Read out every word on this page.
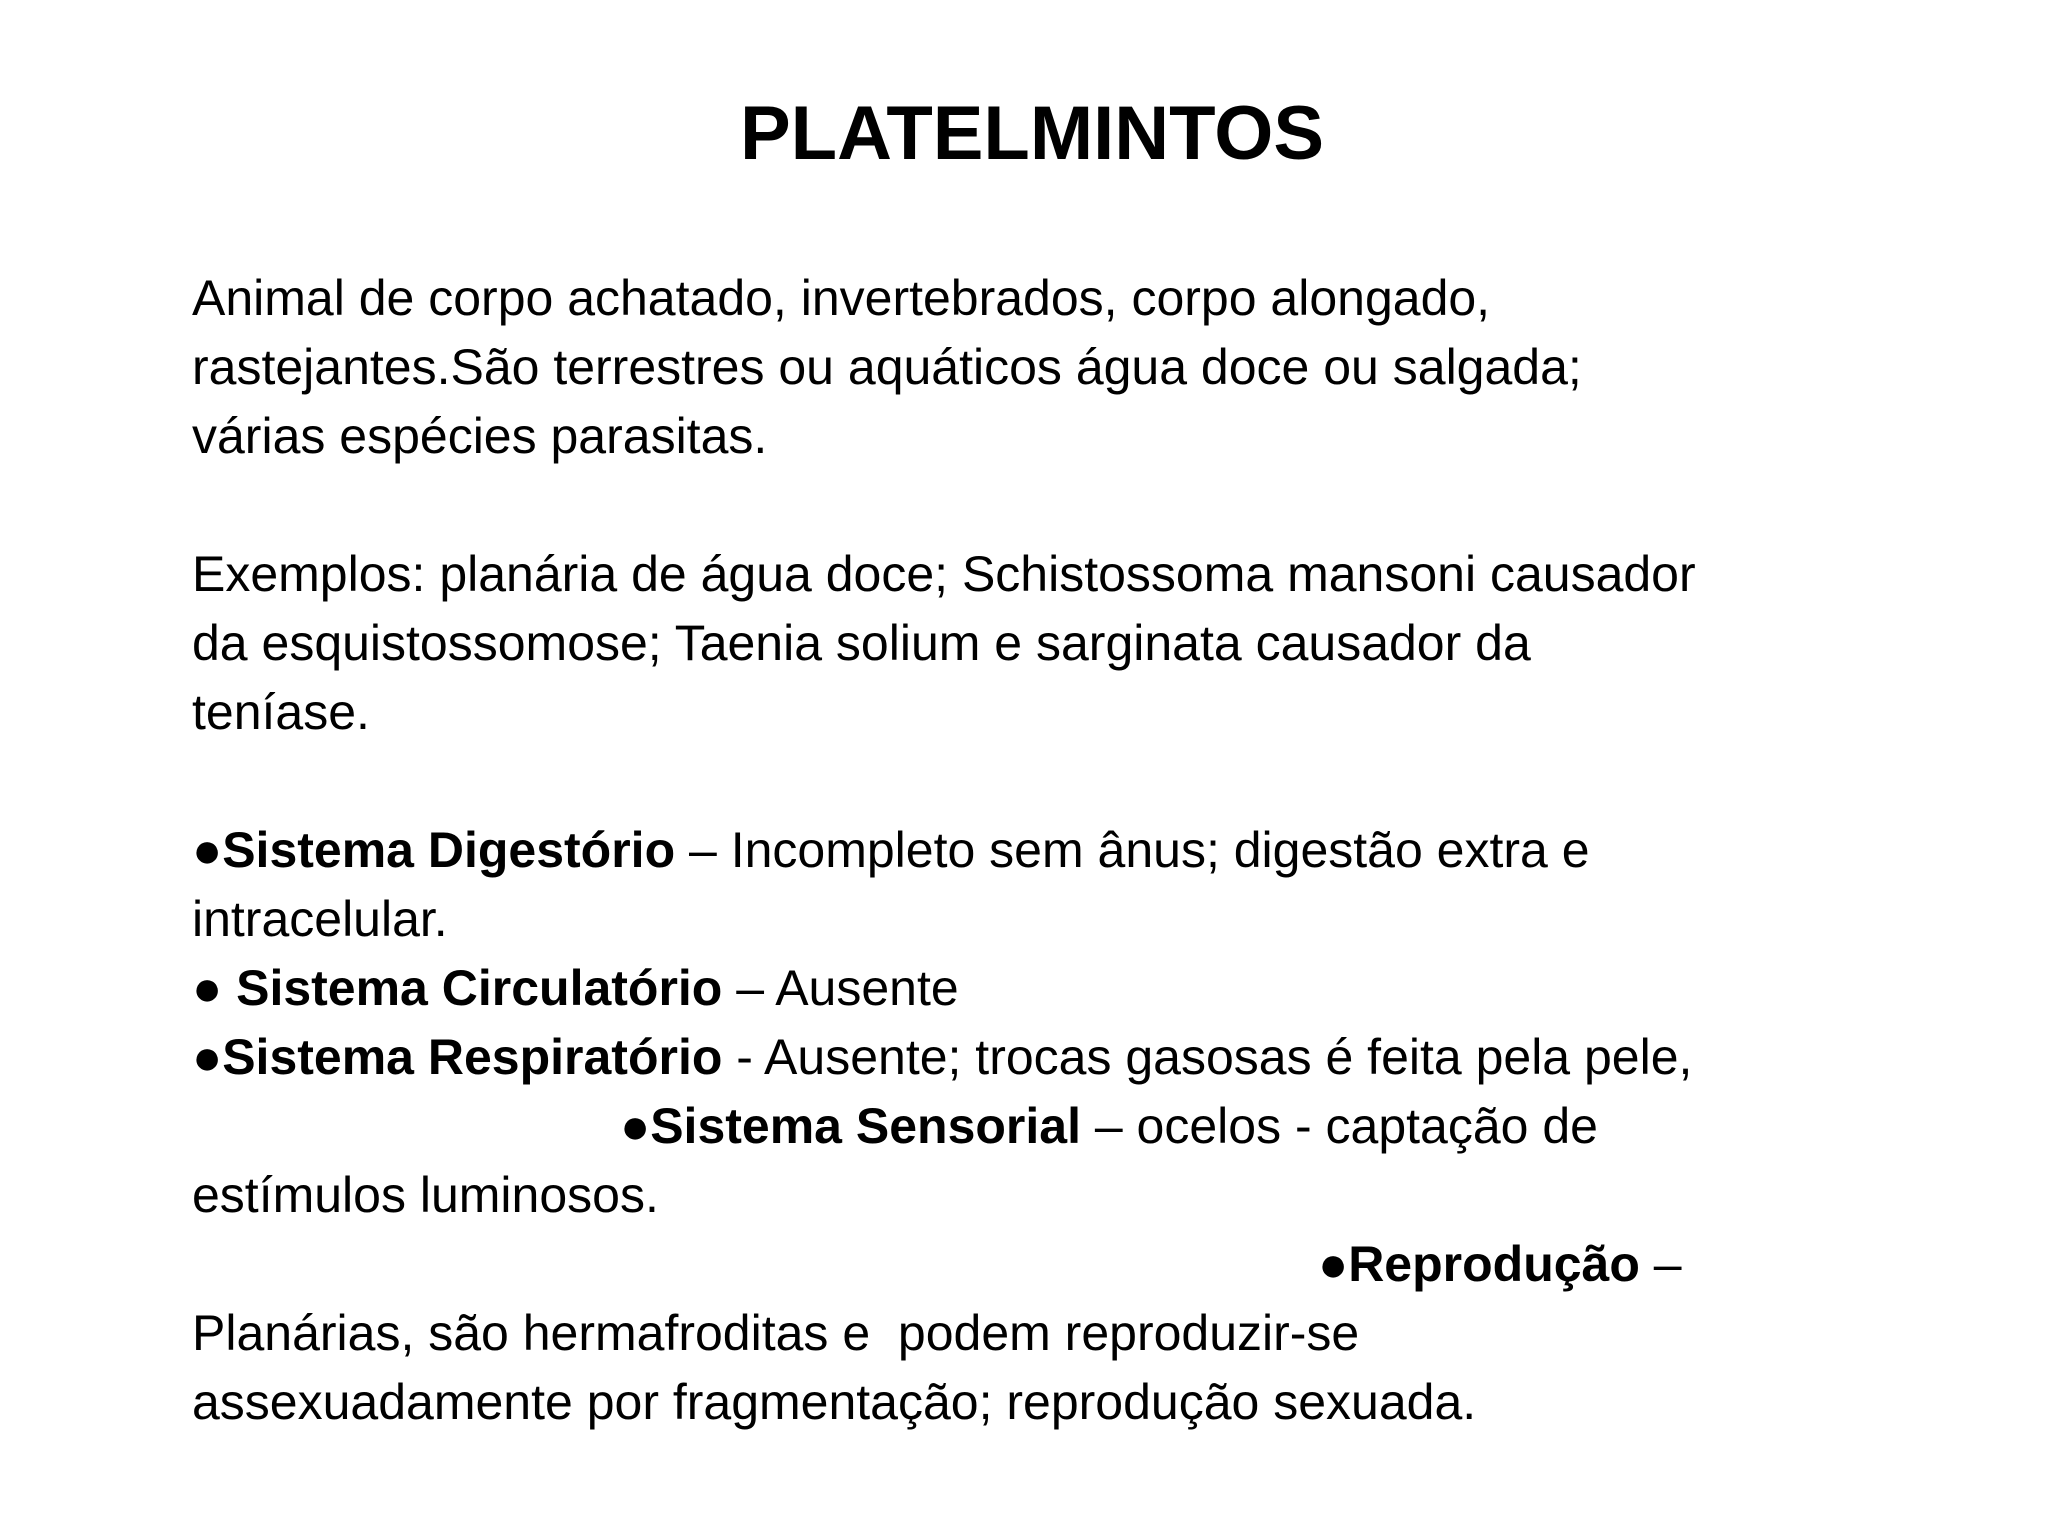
PLATELMINTOS
Animal de corpo achatado, invertebrados, corpo alongado,
rastejantes.São terrestres ou aquáticos água doce ou salgada;
várias espécies parasitas.
Exemplos: planária de água doce; Schistossoma mansoni causador
da esquistossomose; Taenia solium e sarginata causador da
teníase.
●Sistema Digestório – Incompleto sem ânus; digestão extra e
intracelular.
● Sistema Circulatório – Ausente
●Sistema Respiratório - Ausente; trocas gasosas é feita pela pele,
●Sistema Sensorial – ocelos - captação de
estímulos luminosos.
●Reprodução –
Planárias, são hermafroditas e  podem reproduzir-se
assexuadamente por fragmentação; reprodução sexuada.
